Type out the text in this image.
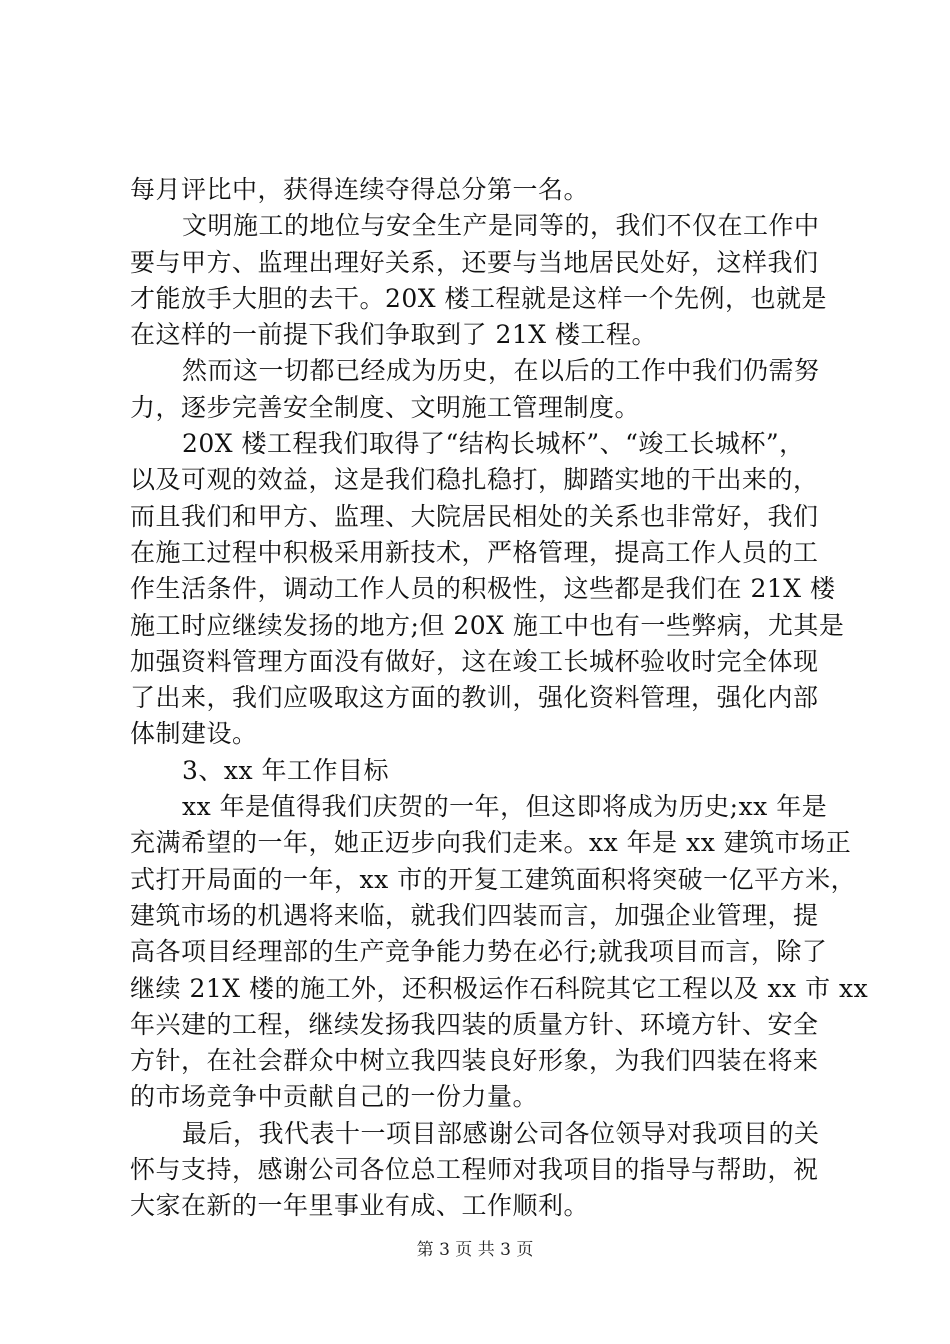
每月评比中，获得连续夺得总分第一名。
文明施工的地位与安全生产是同等的，我们不仅在工作中
要与甲方、监理出理好关系，还要与当地居民处好，这样我们
才能放手大胆的去干。20X 楼工程就是这样一个先例，也就是
在这样的一前提下我们争取到了 21X 楼工程。
然而这一切都已经成为历史，在以后的工作中我们仍需努
力，逐步完善安全制度、文明施工管理制度。
20X 楼工程我们取得了“结构长城杯”、“竣工长城杯”，
以及可观的效益，这是我们稳扎稳打，脚踏实地的干出来的，
而且我们和甲方、监理、大院居民相处的关系也非常好，我们
在施工过程中积极采用新技术，严格管理，提高工作人员的工
作生活条件，调动工作人员的积极性，这些都是我们在 21X 楼
施工时应继续发扬的地方;但 20X 施工中也有一些弊病，尤其是
加强资料管理方面没有做好，这在竣工长城杯验收时完全体现
了出来，我们应吸取这方面的教训，强化资料管理，强化内部
体制建设。
3、xx 年工作目标
xx 年是值得我们庆贺的一年，但这即将成为历史;xx 年是
充满希望的一年，她正迈步向我们走来。xx 年是 xx 建筑市场正
式打开局面的一年，xx 市的开复工建筑面积将突破一亿平方米，
建筑市场的机遇将来临，就我们四装而言，加强企业管理，提
高各项目经理部的生产竞争能力势在必行;就我项目而言，除了
继续 21X 楼的施工外，还积极运作石科院其它工程以及 xx 市 xx
年兴建的工程，继续发扬我四装的质量方针、环境方针、安全
方针，在社会群众中树立我四装良好形象，为我们四装在将来
的市场竞争中贡献自己的一份力量。
最后，我代表十一项目部感谢公司各位领导对我项目的关
怀与支持，感谢公司各位总工程师对我项目的指导与帮助，祝
大家在新的一年里事业有成、工作顺利。
第 3 页 共 3 页
